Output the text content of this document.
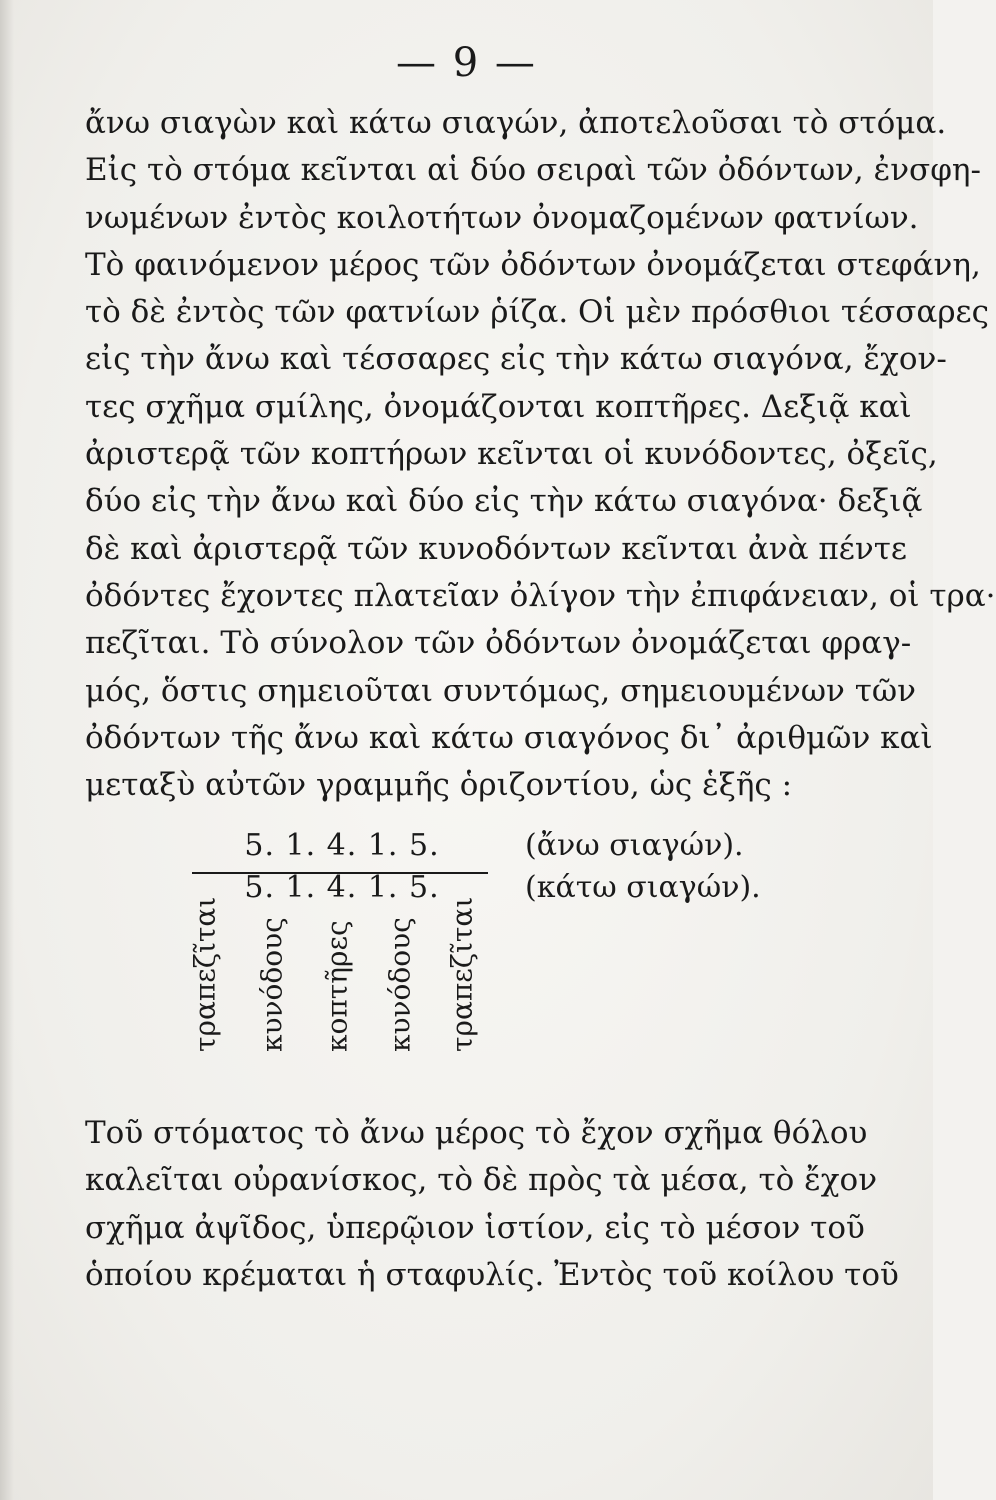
— 9 —
ἄνω σιαγὼν καὶ κάτω σιαγών, ἀποτελοῦσαι τὸ στόμα.
Εἰς τὸ στόμα κεῖνται αἱ δύο σειραὶ τῶν ὀδόντων, ἐνσφη-
νωμένων ἐντὸς κοιλοτήτων ὀνομαζομένων φατνίων.
Τὸ φαινόμενον μέρος τῶν ὀδόντων ὀνομάζεται στεφάνη,
τὸ δὲ ἐντὸς τῶν φατνίων ῥίζα. Οἱ μὲν πρόσθιοι τέσσαρες
εἰς τὴν ἄνω καὶ τέσσαρες εἰς τὴν κάτω σιαγόνα, ἔχον-
τες σχῆμα σμίλης, ὀνομάζονται κοπτῆρες. Δεξιᾷ καὶ
ἀριστερᾷ τῶν κοπτήρων κεῖνται οἱ κυνόδοντες, ὀξεῖς,
δύο εἰς τὴν ἄνω καὶ δύο εἰς τὴν κάτω σιαγόνα· δεξιᾷ
δὲ καὶ ἀριστερᾷ τῶν κυνοδόντων κεῖνται ἀνὰ πέντε
ὀδόντες ἔχοντες πλατεῖαν ὀλίγον τὴν ἐπιφάνειαν, οἱ τρα·
πεζῖται. Τὸ σύνολον τῶν ὀδόντων ὀνομάζεται φραγ-
μός, ὅστις σημειοῦται συντόμως, σημειουμένων τῶν
ὀδόντων τῆς ἄνω καὶ κάτω σιαγόνος δι᾽ ἀριθμῶν καὶ
μεταξὺ αὐτῶν γραμμῆς ὁριζοντίου, ὡς ἑξῆς :
5. 1. 4. 1. 5.
5. 1. 4. 1. 5.
(ἄνω σιαγών).
(κάτω σιαγών).
τραπεζῖται κυνόδους κοπτῆρες κυνόδους τραπεζῖται
Τοῦ στόματος τὸ ἄνω μέρος τὸ ἔχον σχῆμα θόλου
καλεῖται οὐρανίσκος, τὸ δὲ πρὸς τὰ μέσα, τὸ ἔχον
σχῆμα ἀψῖδος, ὑπερῷιον ἱστίον, εἰς τὸ μέσον τοῦ
ὁποίου κρέμαται ἡ σταφυλίς. Ἐντὸς τοῦ κοίλου τοῦ
